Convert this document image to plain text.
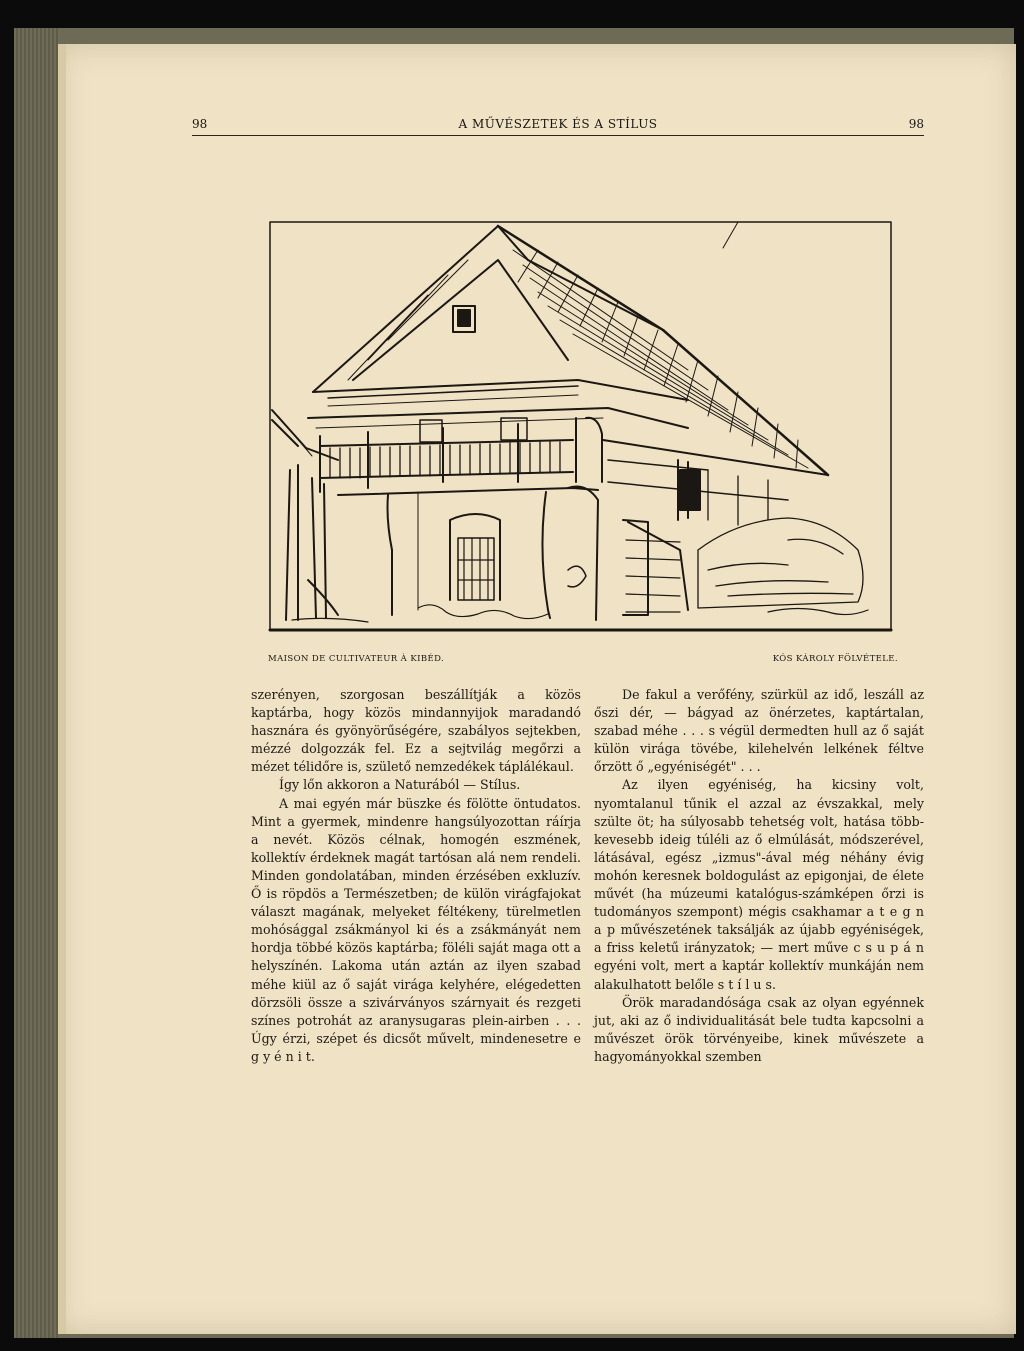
98	A MŰVÉSZETEK ÉS A STÍLUS	98
MAISON DE CULTIVATEUR À KIBÉD.	KÓS KÁROLY FÖLVÉTELE.

szerényen, szorgosan beszállítják a közös kaptárba, hogy közös mindannyijok maradandó hasznára és gyönyörűségére, szabályos sejtekben, mézzé dolgozzák fel. Ez a sejtvilág megőrzi a mézet télidőre is, születő nemzedékek táplálékaul.

Így lőn akkoron a Naturából — Stílus.

A mai egyén már büszke és fölötte öntudatos. Mint a gyermek, mindenre hangsúlyozottan ráírja a nevét. Közös célnak, homogén eszmének, kollektív érdeknek magát tartósan alá nem rendeli. Minden gondolatában, minden érzésében exkluzív. Ő is röpdös a Természetben; de külön virágfajokat választ magának, melyeket féltékeny, türelmetlen mohósággal zsákmányol ki és a zsákmányát nem hordja többé közös kaptárba; föléli saját maga ott a helyszínén. Lakoma után aztán az ilyen szabad méhe kiül az ő saját virága kelyhére, elégedetten dörzsöli össze a szivárványos szárnyait és rezgeti színes potrohát az aranysugaras plein-airben . . . Úgy érzi, szépet és dicsőt művelt, mindenesetre e g y é n i t.

De fakul a verőfény, szürkül az idő, leszáll az őszi dér, — bágyad az önérzetes, kaptártalan, szabad méhe . . . s végül dermedten hull az ő saját külön virága tövébe, kilehelvén lelkének féltve őrzött ő „egyéniségét" . . .

Az ilyen egyéniség, ha kicsiny volt, nyomtalanul tűnik el azzal az évszakkal, mely szülte öt; ha súlyosabb tehetség volt, hatása több-kevesebb ideig túléli az ő elmúlását, módszerével, látásával, egész „izmus"-ával még néhány évig mohón keresnek boldogulást az epigonjai, de élete művét (ha múzeumi katalógus-számképen őrzi is tudományos szempont) mégis csakhamar a t e g n a p művészetének taksálják az újabb egyéniségek, a friss keletű irányzatok; — mert műve c s u p á n egyéni volt, mert a kaptár kollektív munkáján nem alakulhatott belőle s t í l u s.

Örök maradandósága csak az olyan egyénnek jut, aki az ő individualitását bele tudta kapcsolni a művészet örök törvényeibe, kinek művészete a hagyományokkal szemben
